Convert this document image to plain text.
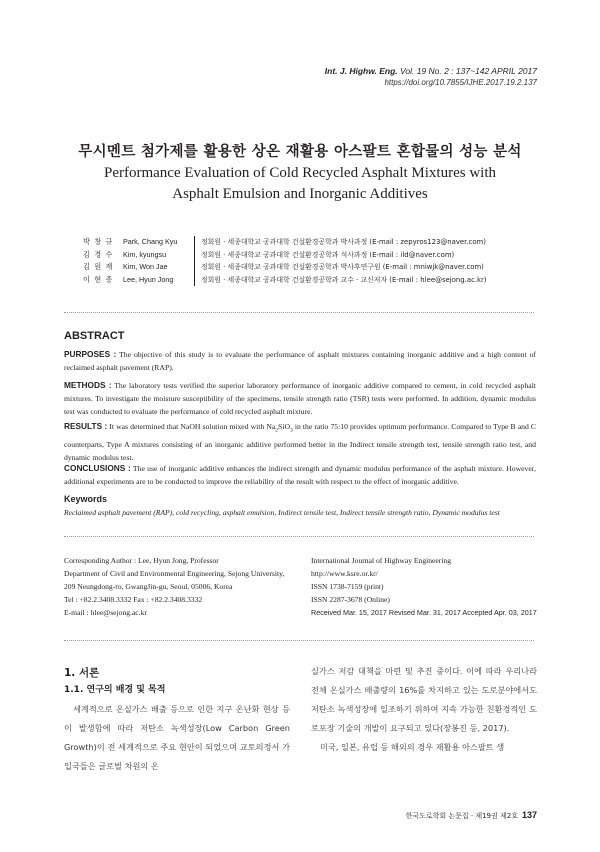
Int. J. Highw. Eng. Vol. 19 No. 2 : 137~142 APRIL 2017
https://doi.org/10.7855/IJHE.2017.19.2.137
무시멘트 첨가제를 활용한 상온 재활용 아스팔트 혼합물의 성능 분석
Performance Evaluation of Cold Recycled Asphalt Mixtures with
Asphalt Emulsion and Inorganic Additives
박 창 규	Park, Chang Kyu	정회원 · 세종대학교 공과대학 건설환경공학과 박사과정 (E-mail : zepyros123@naver.com)
김 경 수	Kim, kyungsu	정회원 · 세종대학교 공과대학 건설환경공학과 석사과정 (E-mail : ild@naver.com)
김 원 재	Kim, Won Jae	정회원 · 세종대학교 공과대학 건설환경공학과 박사후연구원 (E-mail : mniwjk@naver.com)
이 현 종	Lee, Hyun Jong	정회원 · 세종대학교 공과대학 건설환경공학과 교수 · 교신저자 (E-mail : hlee@sejong.ac.kr)
ABSTRACT
PURPOSES : The objective of this study is to evaluate the performance of asphalt mixtures containing inorganic additive and a high content of reclaimed asphalt pavement (RAP).
METHODS : The laboratory tests verified the superior laboratory performance of inorganic additive compared to cement, in cold recycled asphalt mixtures. To investigate the moisture susceptibility of the specimens, tensile strength ratio (TSR) tests were performed. In addition, dynamic modulus test was conducted to evaluate the performance of cold recycled asphalt mixture.
RESULTS : It was determined that NaOH solution mixed with $Na_2SiO_3$ in the ratio 75:10 provides optimum performance. Compared to Type B and C counterparts, Type A mixtures consisting of an inorganic additive performed better in the Indirect tensile strength test, tensile strength ratio test, and dynamic modulus test.
CONCLUSIONS : The use of inorganic additive enhances the indirect strength and dynamic modulus performance of the asphalt mixture. However, additional experiments are to be conducted to improve the reliability of the result with respect to the effect of inorganic additive.
Keywords
Reclaimed asphalt pavement (RAP), cold recycling, asphalt emulsion, Indirect tensile test, Indirect tensile strength ratio, Dynamic modulus test
Corresponding Author : Lee, Hyun Jong, Professor
Department of Civil and Environmental Engineering, Sejong University,
209 Neungdong-ro, GwangJin-gu, Seoul, 05006, Korea
Tel : +82.2.3408.3332 Fax : +82.2.3408.3332
E-mail : hlee@sejong.ac.kr
International Journal of Highway Engineering
http://www.ksre.or.kr/
ISSN 1738-7159 (print)
ISSN 2287-3678 (Online)
Received Mar. 15, 2017 Revised Mar. 31, 2017 Accepted Apr. 03, 2017
1. 서론
1.1. 연구의 배경 및 목적
세계적으로 온실가스 배출 등으로 인한 지구 온난화 현상 등이 발생함에 따라 저탄소 녹색성장(Low Carbon Green Growth)이 전 세계적으로 주요 현안이 되었으며 교토의정서 가입국들은 글로벌 차원의 온
실가스 저감 대책을 마련 및 추진 중이다. 이에 따라 우리나라 전체 온실가스 배출량의 16%를 차지하고 있는 도로분야에서도 저탄소 녹색성장에 일조하기 위하여 지속 가능한 친환경적인 도로포장 기술의 개발이 요구되고 있다(장봉진 등, 2017).
미국, 일본, 유럽 등 해외의 경우 재활용 아스팔트 생
한국도로학회 논문집 · 제19권 제2호 137
